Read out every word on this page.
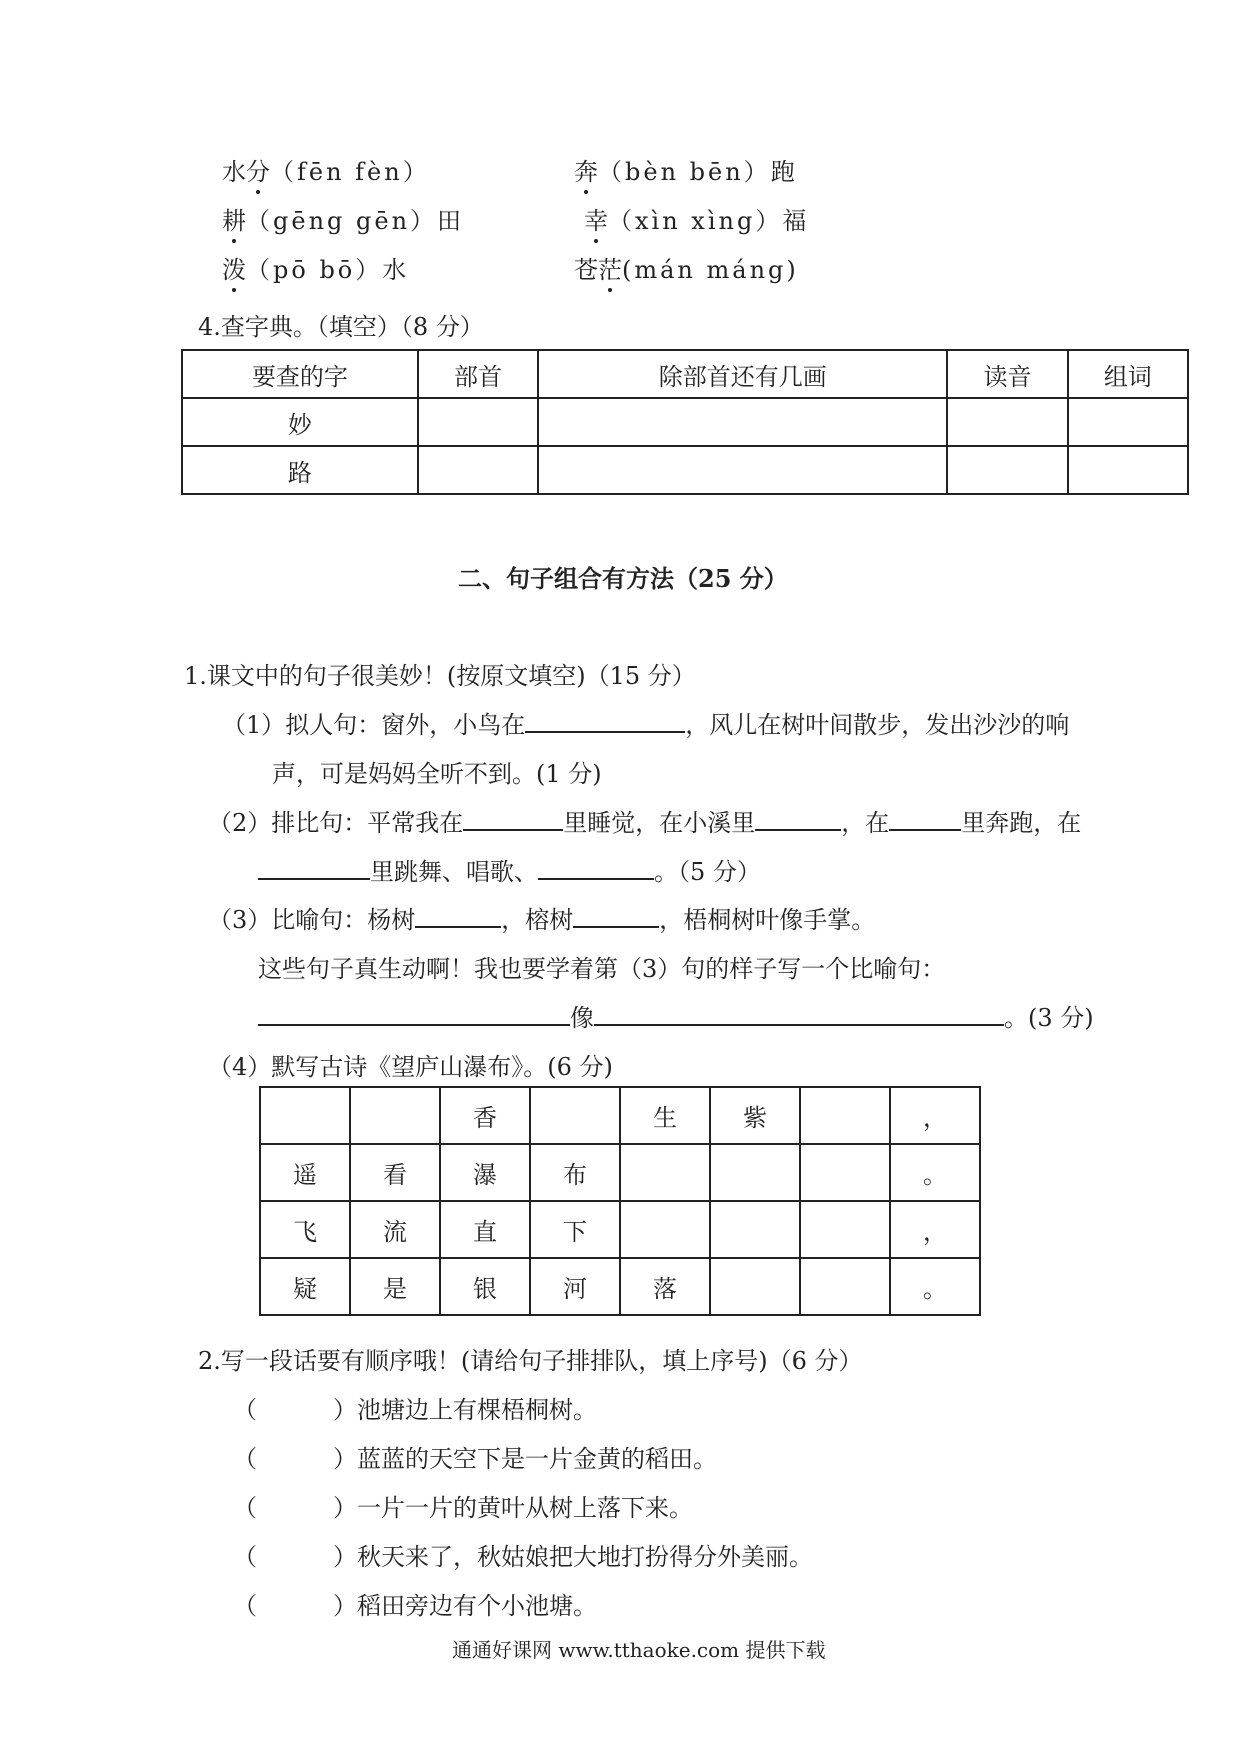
水分（fēn fèn）	奔（bèn bēn）跑
耕（gēng gēn）田	幸（xìn xìng）福
泼（pō bō）水	苍茫(mán máng)
4.查字典。（填空）（8 分）
要查的字	部首	除部首还有几画	读音	组词
妙				
路				
二、句子组合有方法（25 分）
1.课文中的句子很美妙！(按原文填空)（15 分）
（1）拟人句：窗外，小鸟在	，风儿在树叶间散步，发出沙沙的响
声，可是妈妈全听不到。(1 分)
（2）排比句：平常我在	里睡觉，在小溪里	，在	里奔跑，在
里跳舞、唱歌、	。（5 分）
（3）比喻句：杨树	，榕树	，梧桐树叶像手掌。
这些句子真生动啊！我也要学着第（3）句的样子写一个比喻句：
像	。(3 分)
（4）默写古诗《望庐山瀑布》。(6 分)
		香		生	紫		，
遥	看	瀑	布				。
飞	流	直	下				，
疑	是	银	河	落			。
2.写一段话要有顺序哦！(请给句子排排队，填上序号)（6 分）
（	）池塘边上有棵梧桐树。
（	）蓝蓝的天空下是一片金黄的稻田。
（	）一片一片的黄叶从树上落下来。
（	）秋天来了，秋姑娘把大地打扮得分外美丽。
（	）稻田旁边有个小池塘。
通通好课网 www.tthaoke.com 提供下载
